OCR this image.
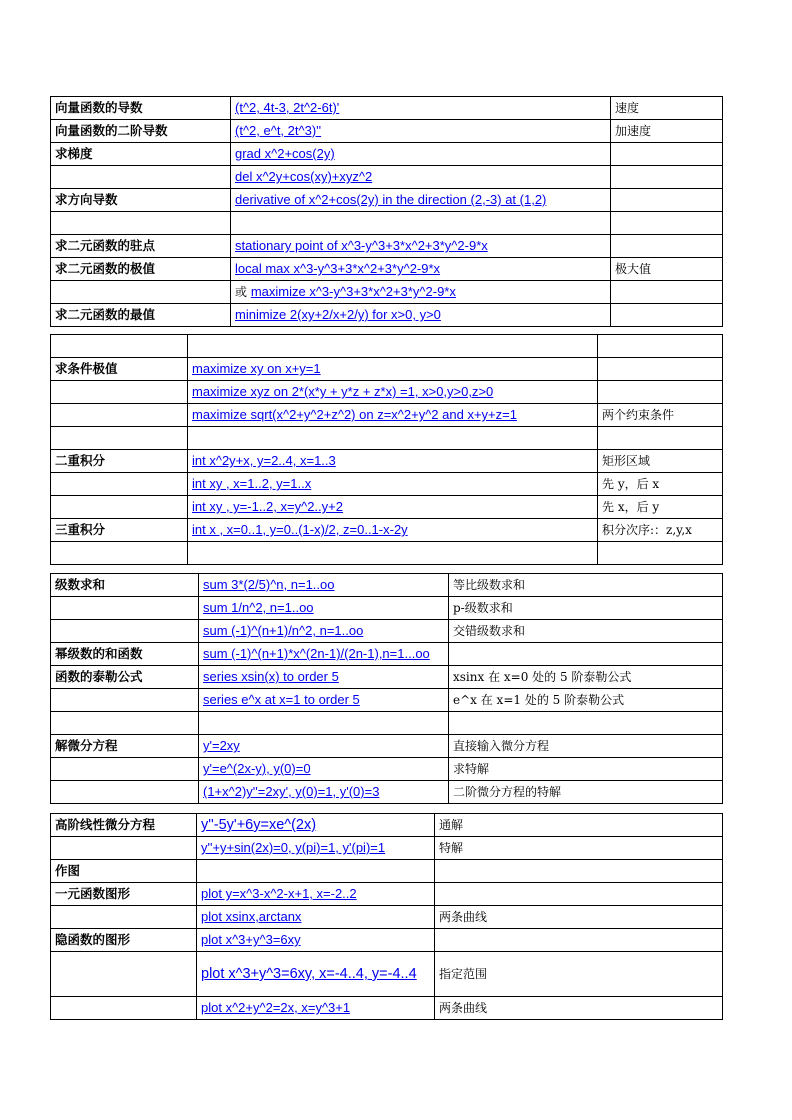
向量函数的导数	(t^2, 4t-3, 2t^2-6t)'	速度
向量函数的二阶导数	(t^2, e^t, 2t^3)''	加速度
求梯度	grad x^2+cos(2y)	
	del x^2y+cos(xy)+xyz^2	
求方向导数	derivative of x^2+cos(2y) in the direction (2,-3) at (1,2)	

求二元函数的驻点	stationary point of x^3-y^3+3*x^2+3*y^2-9*x	
求二元函数的极值	local max x^3-y^3+3*x^2+3*y^2-9*x	极大值
	或 maximize x^3-y^3+3*x^2+3*y^2-9*x	
求二元函数的最值	minimize 2(xy+2/x+2/y) for x>0, y>0	

求条件极值	maximize xy on x+y=1	
	maximize xyz on 2*(x*y + y*z + z*x) =1, x>0,y>0,z>0	
	maximize sqrt(x^2+y^2+z^2) on z=x^2+y^2 and x+y+z=1	两个约束条件

二重积分	int x^2y+x, y=2..4, x=1..3	矩形区域
	int xy , x=1..2, y=1..x	先 y，后 x
	int xy , y=-1..2, x=y^2..y+2	先 x，后 y
三重积分	int x , x=0..1, y=0..(1-x)/2, z=0..1-x-2y	积分次序:：z,y,x

级数求和	sum 3*(2/5)^n, n=1..oo	等比级数求和
	sum 1/n^2, n=1..oo	p-级数求和
	sum (-1)^(n+1)/n^2, n=1..oo	交错级数求和
幂级数的和函数	sum (-1)^(n+1)*x^(2n-1)/(2n-1),n=1...oo	
函数的泰勒公式	series xsin(x) to order 5	xsinx 在 x=0 处的 5 阶泰勒公式
	series e^x at x=1 to order 5	e^x 在 x=1 处的 5 阶泰勒公式

解微分方程	y'=2xy	直接输入微分方程
	y'=e^(2x-y), y(0)=0	求特解
	(1+x^2)y''=2xy', y(0)=1, y'(0)=3	二阶微分方程的特解
高阶线性微分方程	y''-5y'+6y=xe^(2x)	通解
	y''+y+sin(2x)=0, y(pi)=1, y'(pi)=1	特解
作图		
一元函数图形	plot y=x^3-x^2-x+1, x=-2..2	
	plot xsinx,arctanx	两条曲线
隐函数的图形	plot x^3+y^3=6xy	
	plot x^3+y^3=6xy, x=-4..4, y=-4..4	指定范围
	plot x^2+y^2=2x, x=y^3+1	两条曲线
